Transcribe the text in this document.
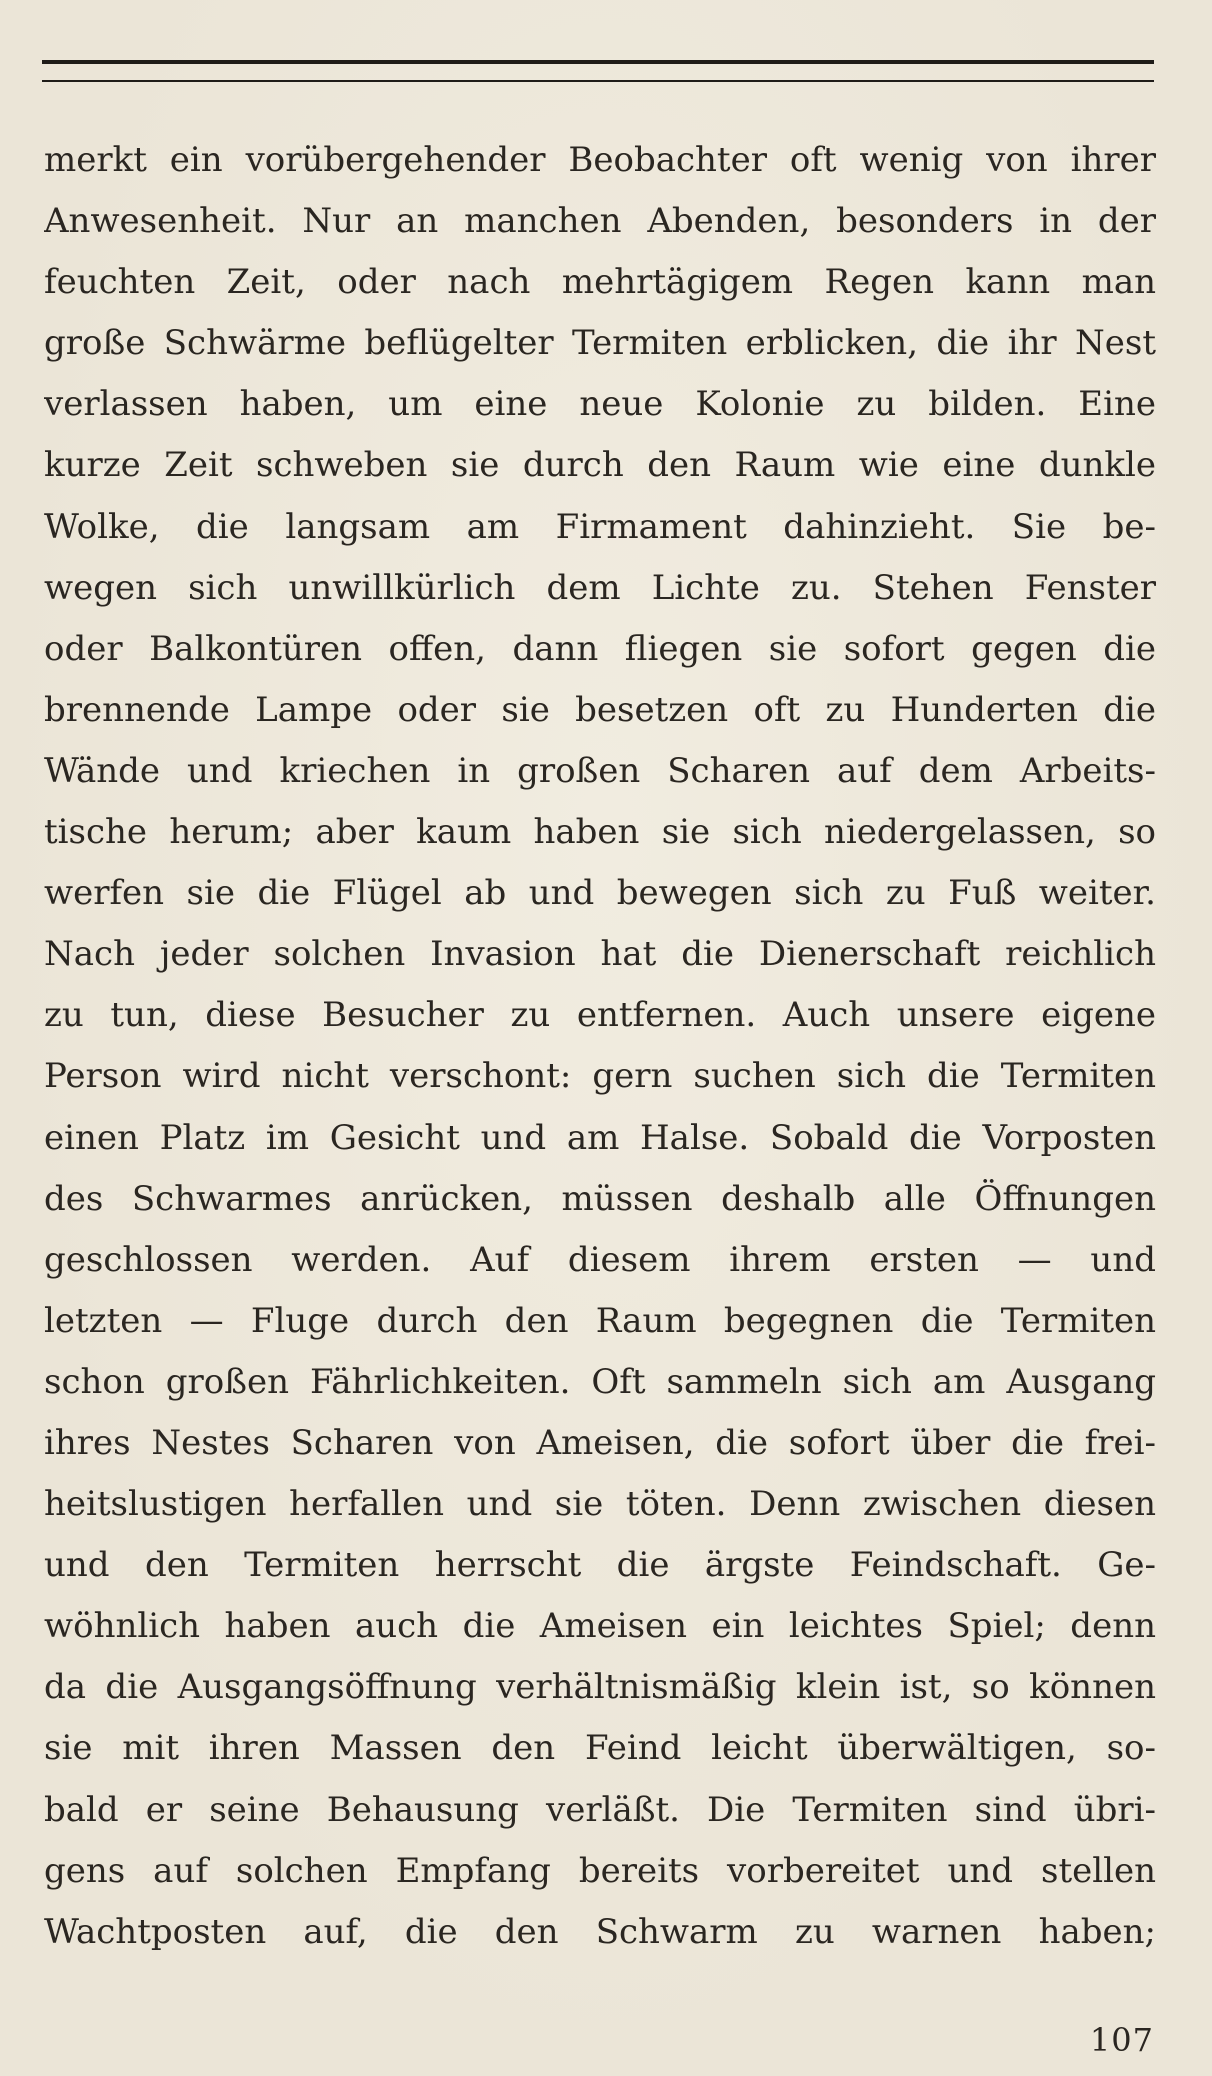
merkt ein vorübergehender Beobachter oft wenig von ihrer
Anwesenheit. Nur an manchen Abenden, besonders in der
feuchten Zeit, oder nach mehrtägigem Regen kann man
große Schwärme beflügelter Termiten erblicken, die ihr Nest
verlassen haben, um eine neue Kolonie zu bilden. Eine
kurze Zeit schweben sie durch den Raum wie eine dunkle
Wolke, die langsam am Firmament dahinzieht. Sie be-
wegen sich unwillkürlich dem Lichte zu. Stehen Fenster
oder Balkontüren offen, dann fliegen sie sofort gegen die
brennende Lampe oder sie besetzen oft zu Hunderten die
Wände und kriechen in großen Scharen auf dem Arbeits-
tische herum; aber kaum haben sie sich niedergelassen, so
werfen sie die Flügel ab und bewegen sich zu Fuß weiter.
Nach jeder solchen Invasion hat die Dienerschaft reichlich
zu tun, diese Besucher zu entfernen. Auch unsere eigene
Person wird nicht verschont: gern suchen sich die Termiten
einen Platz im Gesicht und am Halse. Sobald die Vorposten
des Schwarmes anrücken, müssen deshalb alle Öffnungen
geschlossen werden. Auf diesem ihrem ersten — und
letzten — Fluge durch den Raum begegnen die Termiten
schon großen Fährlichkeiten. Oft sammeln sich am Ausgang
ihres Nestes Scharen von Ameisen, die sofort über die frei-
heitslustigen herfallen und sie töten. Denn zwischen diesen
und den Termiten herrscht die ärgste Feindschaft. Ge-
wöhnlich haben auch die Ameisen ein leichtes Spiel; denn
da die Ausgangsöffnung verhältnismäßig klein ist, so können
sie mit ihren Massen den Feind leicht überwältigen, so-
bald er seine Behausung verläßt. Die Termiten sind übri-
gens auf solchen Empfang bereits vorbereitet und stellen
Wachtposten auf, die den Schwarm zu warnen haben;
107
